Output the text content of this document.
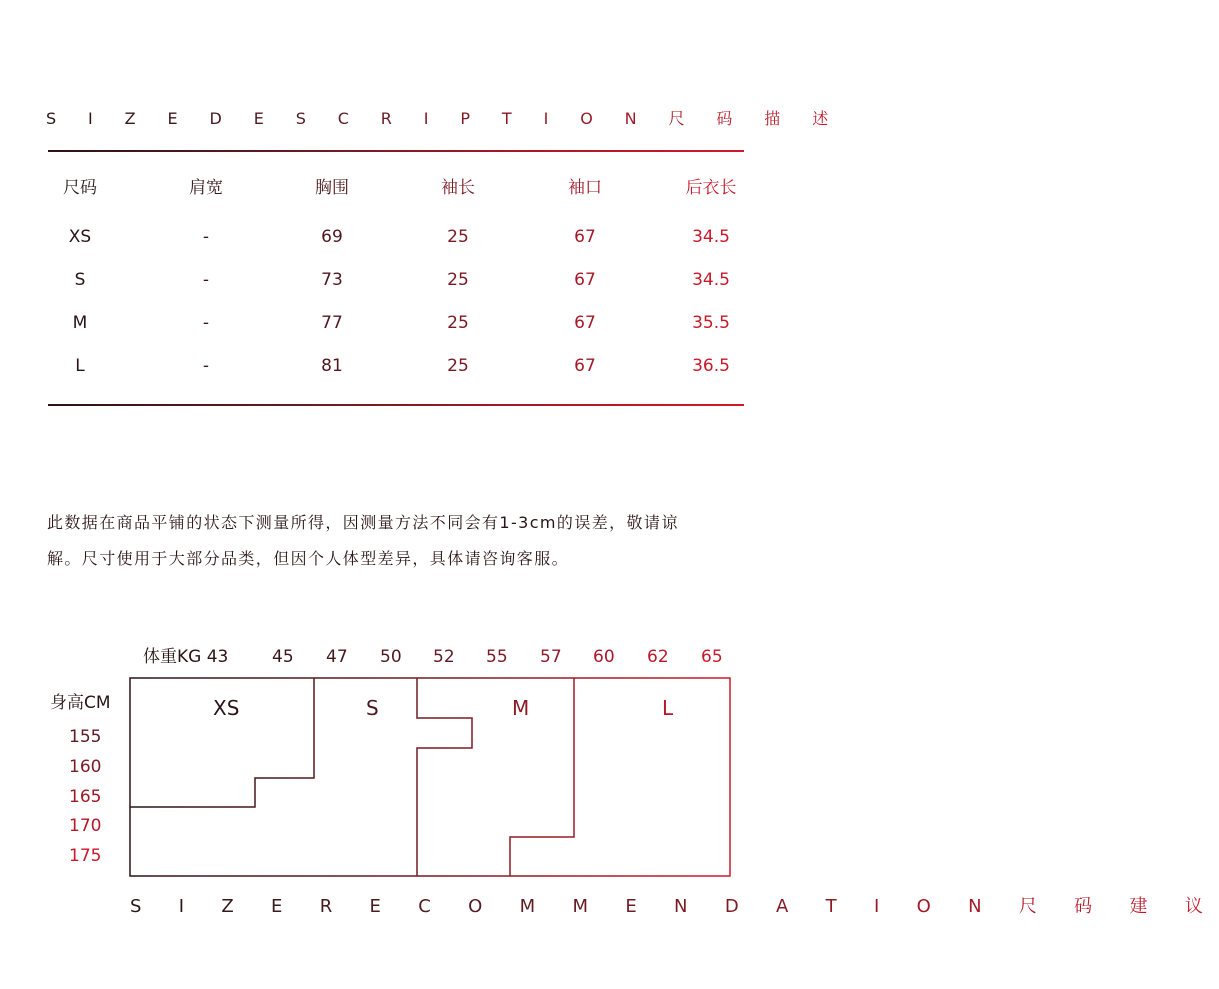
S I Z E D E S C R I P T I O N 尺 码 描 述
尺码	肩宽	胸围	袖长	袖口	后衣长
XS	-	69	25	67	34.5
S	-	73	25	67	34.5
M	-	77	25	67	35.5
L	-	81	25	67	36.5
此数据在商品平铺的状态下测量所得，因测量方法不同会有1-3cm的误差，敬请谅
解。尺寸使用于大部分品类，但因个人体型差异，具体请咨询客服。
体重KG 43	45 47 50 52 55 57 60 62 65
身高CM
155
160
165
170
175
XS	S	M	L
S I Z E R E C O M M E N D A T I O N 尺 码 建 议
